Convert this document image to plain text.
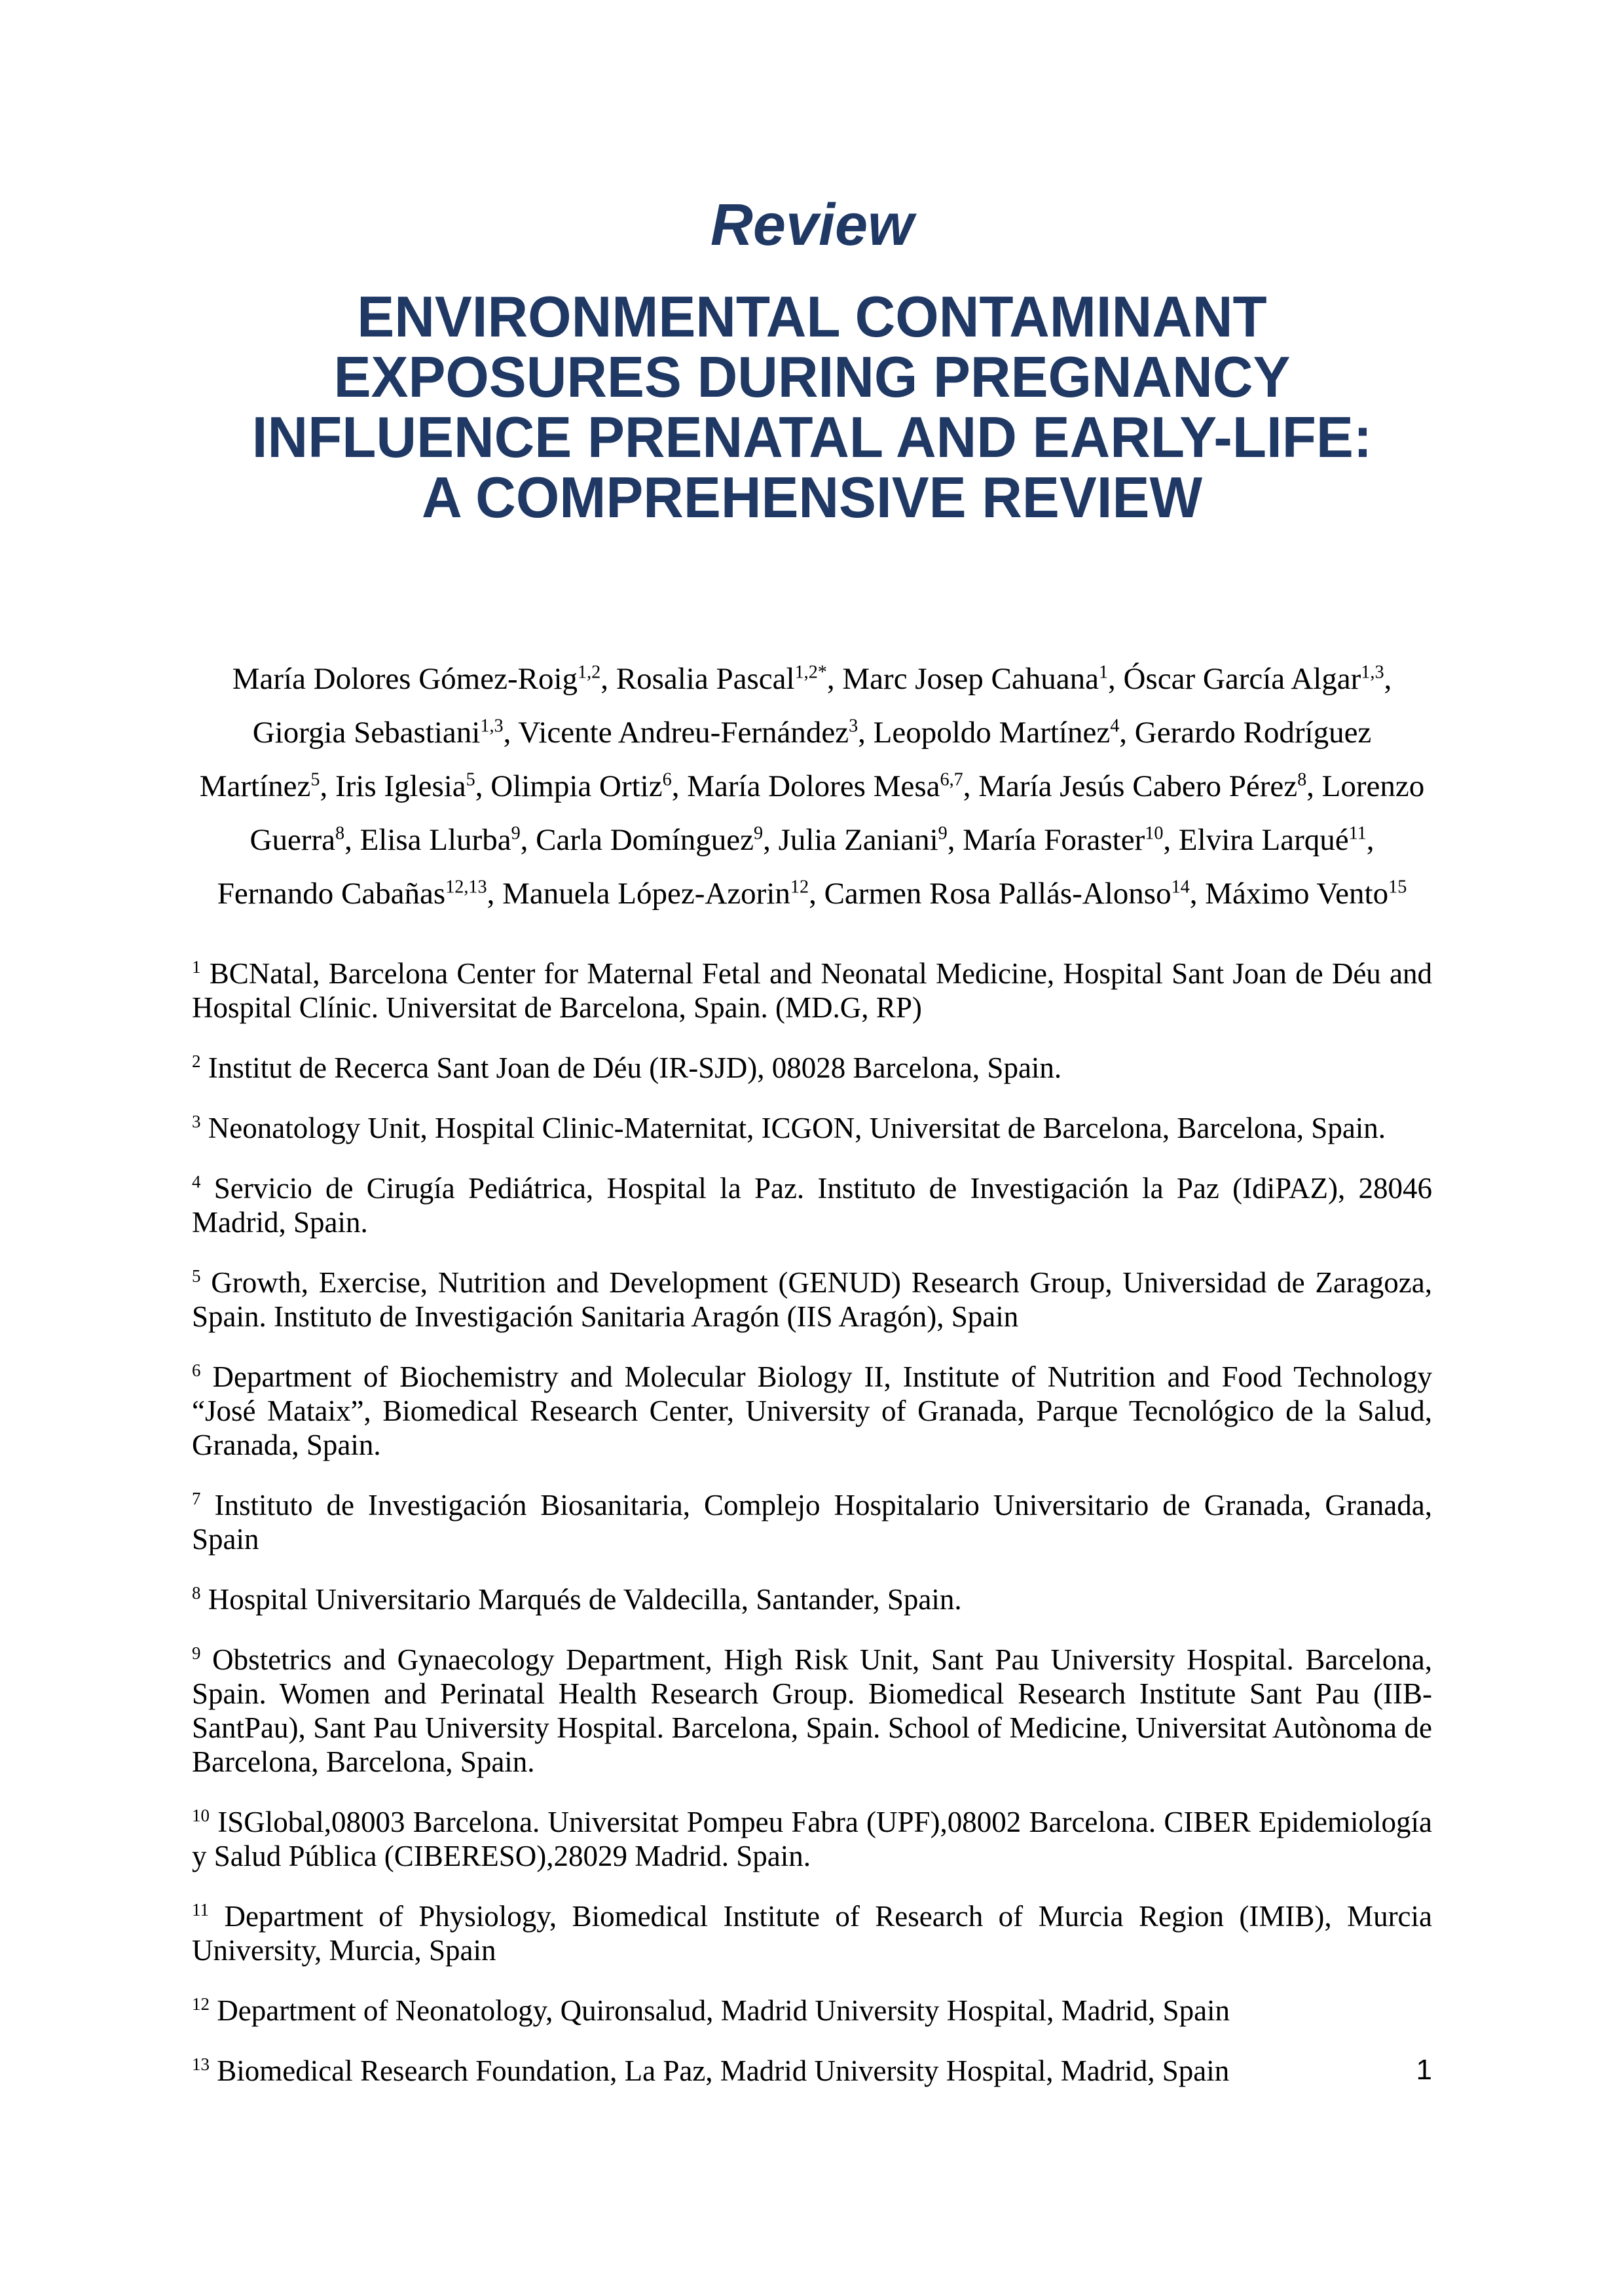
Review

ENVIRONMENTAL CONTAMINANT
EXPOSURES DURING PREGNANCY
INFLUENCE PRENATAL AND EARLY-LIFE:
A COMPREHENSIVE REVIEW

María Dolores Gómez-Roig$^{1,2}$, Rosalia Pascal$^{1,2*}$, Marc Josep Cahuana$^1$, Óscar García Algar$^{1,3}$, Giorgia Sebastiani$^{1,3}$, Vicente Andreu-Fernández$^3$, Leopoldo Martínez$^4$, Gerardo Rodríguez Martínez$^5$, Iris Iglesia$^5$, Olimpia Ortiz$^6$, María Dolores Mesa$^{6,7}$, María Jesús Cabero Pérez$^8$, Lorenzo Guerra$^8$, Elisa Llurba$^9$, Carla Domínguez$^9$, Julia Zaniani$^9$, María Foraster$^{10}$, Elvira Larqué$^{11}$, Fernando Cabañas$^{12,13}$, Manuela López-Azorin$^{12}$, Carmen Rosa Pallás-Alonso$^{14}$, Máximo Vento$^{15}$

$^1$ BCNatal, Barcelona Center for Maternal Fetal and Neonatal Medicine, Hospital Sant Joan de Déu and Hospital Clínic. Universitat de Barcelona, Spain. (MD.G, RP)

$^2$ Institut de Recerca Sant Joan de Déu (IR-SJD), 08028 Barcelona, Spain.

$^3$ Neonatology Unit, Hospital Clinic-Maternitat, ICGON, Universitat de Barcelona, Barcelona, Spain.

$^4$ Servicio de Cirugía Pediátrica, Hospital la Paz. Instituto de Investigación la Paz (IdiPAZ), 28046 Madrid, Spain.

$^5$ Growth, Exercise, Nutrition and Development (GENUD) Research Group, Universidad de Zaragoza, Spain. Instituto de Investigación Sanitaria Aragón (IIS Aragón), Spain

$^6$ Department of Biochemistry and Molecular Biology II, Institute of Nutrition and Food Technology “José Mataix”, Biomedical Research Center, University of Granada, Parque Tecnológico de la Salud, Granada, Spain.

$^7$ Instituto de Investigación Biosanitaria, Complejo Hospitalario Universitario de Granada, Granada, Spain

$^8$ Hospital Universitario Marqués de Valdecilla, Santander, Spain.

$^9$ Obstetrics and Gynaecology Department, High Risk Unit, Sant Pau University Hospital. Barcelona, Spain. Women and Perinatal Health Research Group. Biomedical Research Institute Sant Pau (IIB-SantPau), Sant Pau University Hospital. Barcelona, Spain. School of Medicine, Universitat Autònoma de Barcelona, Barcelona, Spain.

$^{10}$ ISGlobal,08003 Barcelona. Universitat Pompeu Fabra (UPF),08002 Barcelona. CIBER Epidemiología y Salud Pública (CIBERESO),28029 Madrid. Spain.

$^{11}$ Department of Physiology, Biomedical Institute of Research of Murcia Region (IMIB), Murcia University, Murcia, Spain

$^{12}$ Department of Neonatology, Quironsalud, Madrid University Hospital, Madrid, Spain

$^{13}$ Biomedical Research Foundation, La Paz, Madrid University Hospital, Madrid, Spain	1
